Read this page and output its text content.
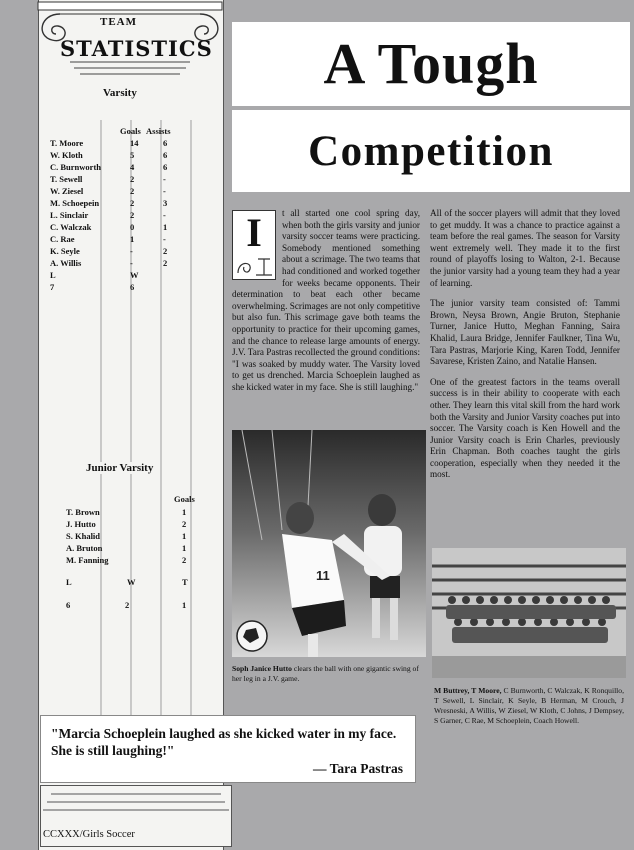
TEAM
STATISTICS
Varsity
Goals Assists
T. Moore	14	6
W. Kloth	5	6
C. Burnworth	4	6
T. Sewell	2	-
W. Ziesel	2	-
M. Schoepein	2	3
L. Sinclair	2	-
C. Walczak	0	1
C. Rae	1	-
K. Seyle	-	2
A. Willis	-	2
L	W
7	6
Junior Varsity
Goals
T. Brown	1
J. Hutto	2
S. Khalid	1
A. Bruton	1
M. Fanning	2
L	W	T
6	2	1
A Tough
Competition
I	t all started one cool spring day, when both the girls varsity and junior varsity soccer teams were practicing. Somebody mentioned something about a scrimage. The two teams that had conditioned and worked together for weeks became opponents. Their determination to beat each other became overwhelming. Scrimages are not only competitive but also fun. This scrimage gave both teams the opportunity to practice for their upcoming games, and the chance to release large amounts of energy. J.V. Tara Pastras recollected the ground conditions: "I was soaked by muddy water. The Varsity loved to get us drenched. Marcia Schoeplein laughed as she kicked water in my face. She is still laughing."
All of the soccer players will admit that they loved to get muddy. It was a chance to practice against a team before the real games. The season for Varsity went extremely well. They made it to the first round of playoffs losing to Walton, 2-1. Because the junior varsity had a young team they had a year of learning.
The junior varsity team consisted of: Tammi Brown, Neysa Brown, Angie Bruton, Stephanie Turner, Janice Hutto, Meghan Fanning, Saira Khalid, Laura Bridge, Jennifer Faulkner, Tina Wu, Tara Pastras, Marjorie King, Karen Todd, Jennifer Savarese, Kristen Zaino, and Natalie Hansen.
One of the greatest factors in the teams overall success is in their ability to cooperate with each other. They learn this vital skill from the hard work both the Varsity and Junior Varsity coaches put into soccer. The Varsity coach is Ken Howell and the Junior Varsity coach is Erin Charles, previously Erin Chapman. Both coaches taught the girls cooperation, especially when they needed it the most.
11
Soph Janice Hutto clears the ball with one gigantic swing of her leg in a J.V. game.
M Buttrey, T Moore, C Burnworth, C Walczak, K Ronquillo, T Sewell, L Sinclair, K Seyle, B Herman, M Crouch, J Wresneski, A Willis, W Ziesel, W Kloth, C Johns, J Dempsey, S Garner, C Rae, M Schoeplein, Coach Howell.
"Marcia Schoeplein laughed as she kicked water in my face. She is still laughing!"
— Tara Pastras
CCXXX/Girls Soccer
